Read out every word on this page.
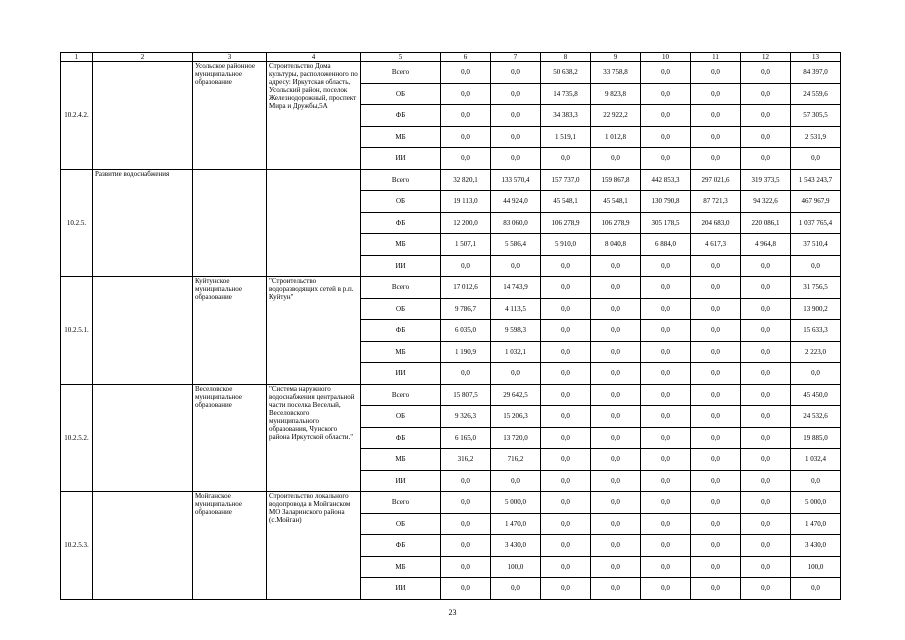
1	2	3	4	5	6	7	8	9	10	11	12	13
10.2.4.2.		Усольское районное муниципальное образование	Строительство Дома культуры, расположенного по адресу: Иркутская область, Усольский район, поселок Железнодорожный, проспект Мира и Дружбы,5А	Всего	0,0	0,0	50 638,2	33 758,8	0,0	0,0	0,0	84 397,0
				ОБ	0,0	0,0	14 735,8	9 823,8	0,0	0,0	0,0	24 559,6
				ФБ	0,0	0,0	34 383,3	22 922,2	0,0	0,0	0,0	57 305,5
				МБ	0,0	0,0	1 519,1	1 012,8	0,0	0,0	0,0	2 531,9
				ИИ	0,0	0,0	0,0	0,0	0,0	0,0	0,0	0,0
10.2.5.	Развитие водоснабжения			Всего	32 820,1	133 570,4	157 737,0	159 867,8	442 853,3	297 021,6	319 373,5	1 543 243,7
				ОБ	19 113,0	44 924,0	45 548,1	45 548,1	130 790,8	87 721,3	94 322,6	467 967,9
				ФБ	12 200,0	83 060,0	106 278,9	106 278,9	305 178,5	204 683,0	220 086,1	1 037 765,4
				МБ	1 507,1	5 586,4	5 910,0	8 040,8	6 884,0	4 617,3	4 964,8	37 510,4
				ИИ	0,0	0,0	0,0	0,0	0,0	0,0	0,0	0,0
10.2.5.1.		Куйтунское муниципальное образование	"Строительство водоразводящих сетей в р.п. Куйтун"	Всего	17 012,6	14 743,9	0,0	0,0	0,0	0,0	0,0	31 756,5
				ОБ	9 786,7	4 113,5	0,0	0,0	0,0	0,0	0,0	13 900,2
				ФБ	6 035,0	9 598,3	0,0	0,0	0,0	0,0	0,0	15 633,3
				МБ	1 190,9	1 032,1	0,0	0,0	0,0	0,0	0,0	2 223,0
				ИИ	0,0	0,0	0,0	0,0	0,0	0,0	0,0	0,0
10.2.5.2.		Веселовское муниципальное образование	"Система наружного водоснабжения центральной части поселка Веселый, Веселовского муниципального образования, Чунского района Иркутской области."	Всего	15 807,5	29 642,5	0,0	0,0	0,0	0,0	0,0	45 450,0
				ОБ	9 326,3	15 206,3	0,0	0,0	0,0	0,0	0,0	24 532,6
				ФБ	6 165,0	13 720,0	0,0	0,0	0,0	0,0	0,0	19 885,0
				МБ	316,2	716,2	0,0	0,0	0,0	0,0	0,0	1 032,4
				ИИ	0,0	0,0	0,0	0,0	0,0	0,0	0,0	0,0
10.2.5.3.		Мойганское муниципальное образование	Строительство локального водопровода в Мойганском МО Заларинского района (с.Мойган)	Всего	0,0	5 000,0	0,0	0,0	0,0	0,0	0,0	5 000,0
				ОБ	0,0	1 470,0	0,0	0,0	0,0	0,0	0,0	1 470,0
				ФБ	0,0	3 430,0	0,0	0,0	0,0	0,0	0,0	3 430,0
				МБ	0,0	100,0	0,0	0,0	0,0	0,0	0,0	100,0
				ИИ	0,0	0,0	0,0	0,0	0,0	0,0	0,0	0,0
23
